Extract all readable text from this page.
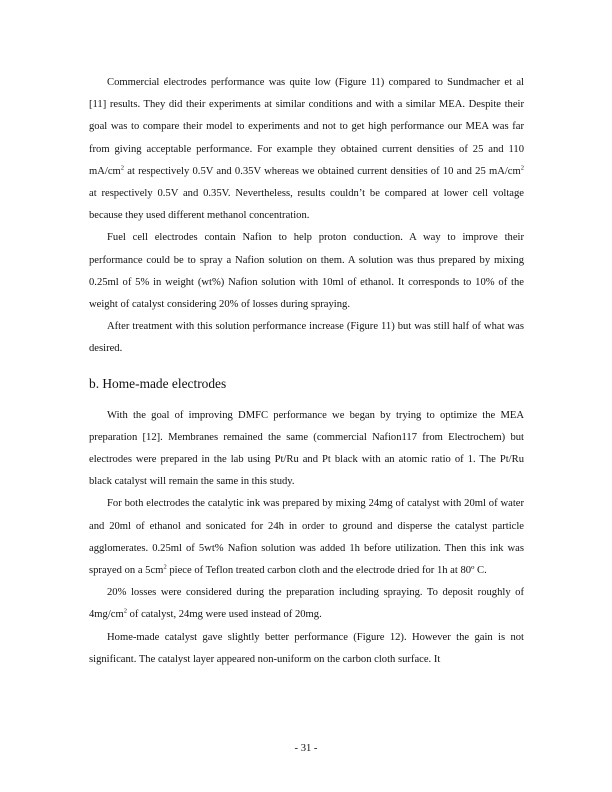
Commercial electrodes performance was quite low (Figure 11) compared to Sundmacher et al [11] results. They did their experiments at similar conditions and with a similar MEA. Despite their goal was to compare their model to experiments and not to get high performance our MEA was far from giving acceptable performance. For example they obtained current densities of 25 and 110 $mA/cm^2$ at respectively 0.5V and 0.35V whereas we obtained current densities of 10 and 25 $mA/cm^2$ at respectively 0.5V and 0.35V. Nevertheless, results couldn’t be compared at lower cell voltage because they used different methanol concentration.

Fuel cell electrodes contain Nafion to help proton conduction. A way to improve their performance could be to spray a Nafion solution on them. A solution was thus prepared by mixing 0.25ml of 5% in weight (wt%) Nafion solution with 10ml of ethanol. It corresponds to 10% of the weight of catalyst considering 20% of losses during spraying.

After treatment with this solution performance increase (Figure 11) but was still half of what was desired.

b. Home-made electrodes

With the goal of improving DMFC performance we began by trying to optimize the MEA preparation [12]. Membranes remained the same (commercial Nafion117 from Electrochem) but electrodes were prepared in the lab using Pt/Ru and Pt black with an atomic ratio of 1. The Pt/Ru black catalyst will remain the same in this study.

For both electrodes the catalytic ink was prepared by mixing 24mg of catalyst with 20ml of water and 20ml of ethanol and sonicated for 24h in order to ground and disperse the catalyst particle agglomerates. 0.25ml of 5wt% Nafion solution was added 1h before utilization. Then this ink was sprayed on a $5cm^2$ piece of Teflon treated carbon cloth and the electrode dried for 1h at 80º C.

20% losses were considered during the preparation including spraying. To deposit roughly of $4mg/cm^2$ of catalyst, 24mg were used instead of 20mg.

Home-made catalyst gave slightly better performance (Figure 12). However the gain is not significant. The catalyst layer appeared non-uniform on the carbon cloth surface. It

- 31 -
